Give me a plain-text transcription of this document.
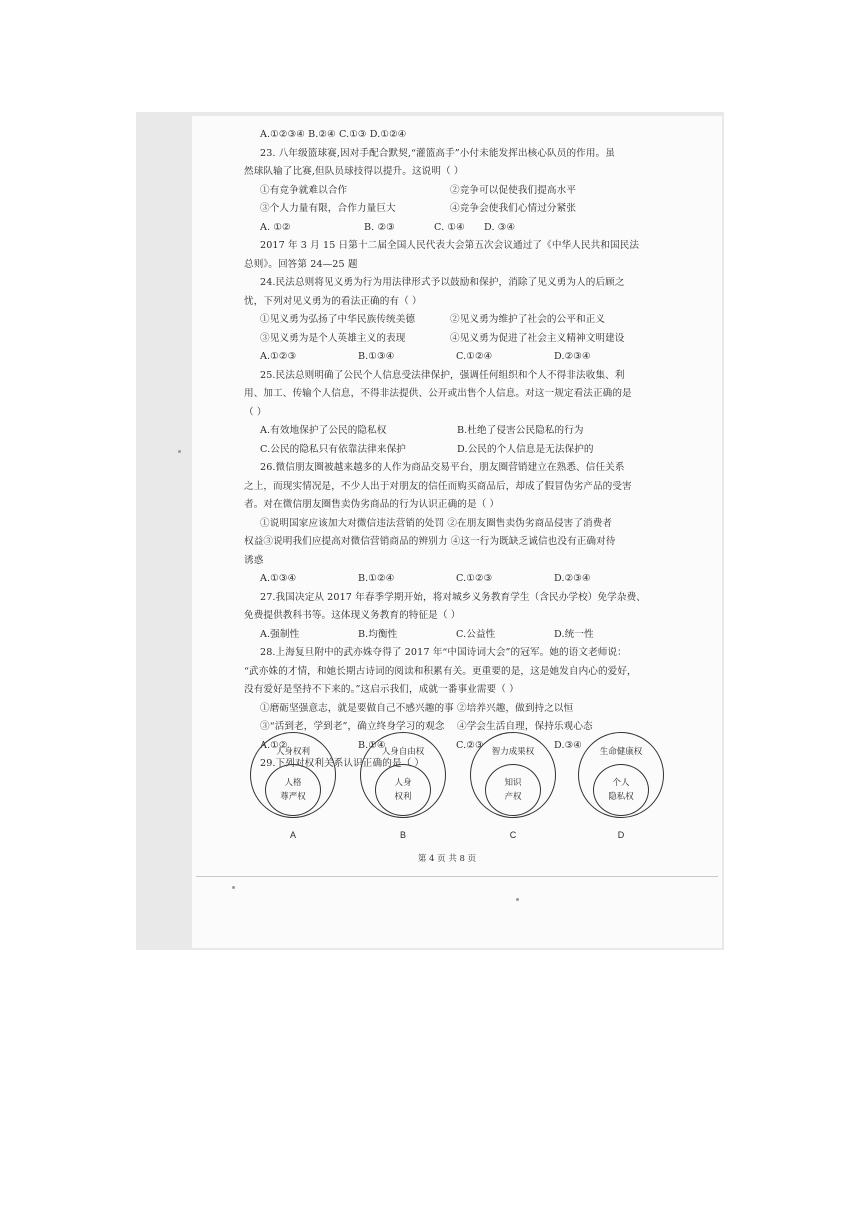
A.①②③④ B.②④ C.①③ D.①②④
23. 八年级篮球赛,因对手配合默契,“灌篮高手”小付未能发挥出核心队员的作用。虽
然球队输了比赛,但队员球技得以提升。这说明（ ）
①有竞争就难以合作	②竞争可以促使我们提高水平
③个人力量有限，合作力量巨大	④竞争会使我们心情过分紧张
A. ①②	B. ②③	C. ①④	D. ③④
2017 年 3 月 15 日第十二届全国人民代表大会第五次会议通过了《中华人民共和国民法
总则》。回答第 24—25 题
24.民法总则将见义勇为行为用法律形式予以鼓励和保护，消除了见义勇为人的后顾之
忧，下列对见义勇为的看法正确的有（ ）
①见义勇为弘扬了中华民族传统美德	②见义勇为维护了社会的公平和正义
③见义勇为是个人英雄主义的表现	④见义勇为促进了社会主义精神文明建设
A.①②③	B.①③④	C.①②④	D.②③④
25.民法总则明确了公民个人信息受法律保护，强调任何组织和个人不得非法收集、利
用、加工、传输个人信息，不得非法提供、公开或出售个人信息。对这一规定看法正确的是
（ ）
A.有效地保护了公民的隐私权	B.杜绝了侵害公民隐私的行为
C.公民的隐私只有依靠法律来保护	D.公民的个人信息是无法保护的
26.微信朋友圈被越来越多的人作为商品交易平台，朋友圈营销建立在熟悉、信任关系
之上，而现实情况是，不少人出于对朋友的信任而购买商品后，却成了假冒伪劣产品的受害
者。对在微信朋友圈售卖伪劣商品的行为认识正确的是（ ）
①说明国家应该加大对微信违法营销的处罚 ②在朋友圈售卖伪劣商品侵害了消费者
权益③说明我们应提高对微信营销商品的辨别力 ④这一行为既缺乏诚信也没有正确对待
诱惑
A.①③④	B.①②④	C.①②③	D.②③④
27.我国决定从 2017 年春季学期开始，将对城乡义务教育学生（含民办学校）免学杂费、
免费提供教科书等。这体现义务教育的特征是（ ）
A.强制性	B.均衡性	C.公益性	D.统一性
28.上海复旦附中的武亦姝夺得了 2017 年“中国诗词大会”的冠军。她的语文老师说：
“武亦姝的才情，和她长期古诗词的阅读和积累有关。更重要的是，这是她发自内心的爱好，
没有爱好是坚持不下来的。”这启示我们，成就一番事业需要（ ）
①磨砺坚强意志，就是要做自己不感兴趣的事 ②培养兴趣，做到持之以恒
③“活到老，学到老”，确立终身学习的观念	④学会生活自理，保持乐观心态
A.①②	B.①④	C.②③	D.③④
29.下列对权利关系认识正确的是（ ）
人身权利
人格
尊严权
A
人身自由权
人身
权利
B
智力成果权
知识
产权
C
生命健康权
个人
隐私权
D
第 4 页 共 8 页
